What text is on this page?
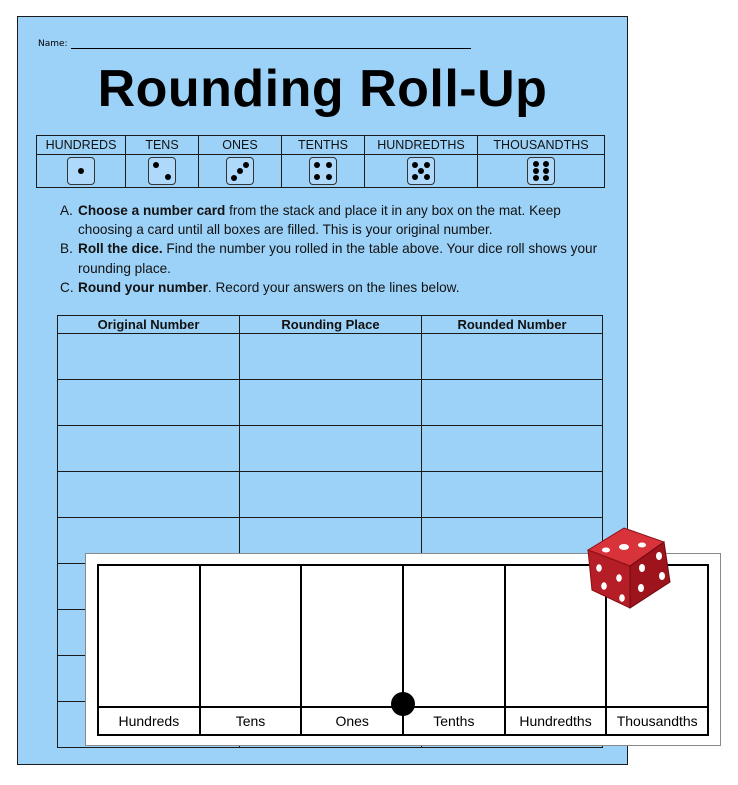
Name:
Rounding Roll-Up
HUNDREDS	TENS	ONES	TENTHS	HUNDREDTHS	THOUSANDTHS

A. Choose a number card from the stack and place it in any box on the mat. Keep choosing a card until all boxes are filled. This is your original number.
B. Roll the dice. Find the number you rolled in the table above. Your dice roll shows your rounding place.
C. Round your number. Record your answers on the lines below.
Original Number	Rounding Place	Rounded Number

Hundreds	Tens	Ones	Tenths	Hundredths	Thousandths
